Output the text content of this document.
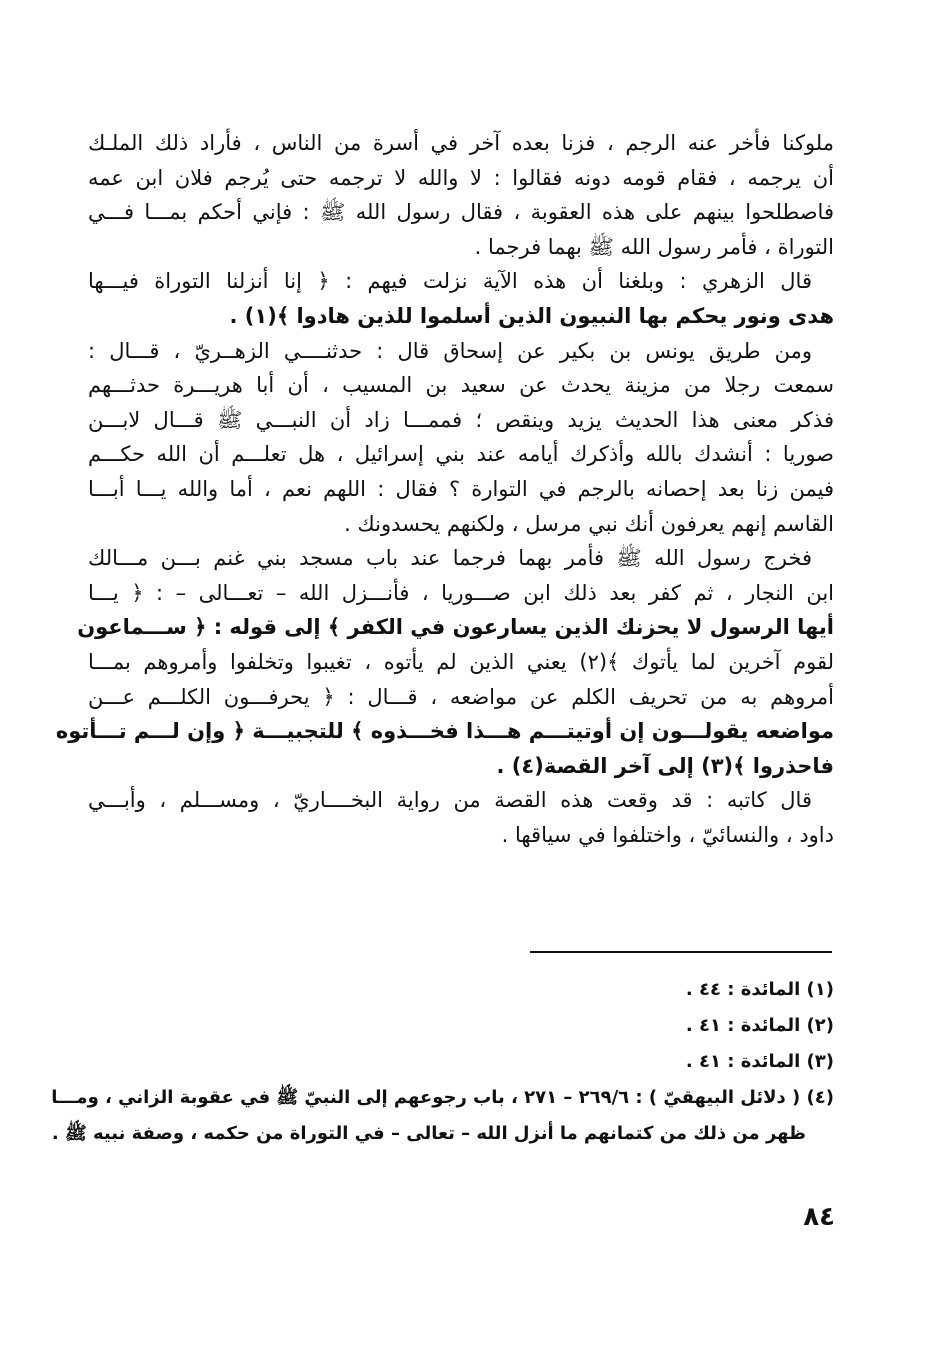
ملوكنا فأخر عنه الرجم ، فزنا بعده آخر في أسرة من الناس ، فأراد ذلك الملـك
أن يرجمه ، فقام قومه دونه فقالوا : لا والله لا ترجمه حتى يُرجم فلان ابن عمه
فاصطلحوا بينهم على هذه العقوبة ، فقال رسول الله ﷺ : فإني أحكم بمـــا فـــي
التوراة ، فأمر رسول الله ﷺ بهما فرجما .
قال الزهري : وبلغنا أن هذه الآية نزلت فيهم : ﴿ إنا أنزلنا التوراة فيـــها
هدى ونور يحكم بها النبيون الذين أسلموا للذين هادوا ﴾(١) .
ومن طريق يونس بن بكير عن إسحاق قال : حدثنــــي الزهــريّ ، قـــال :
سمعت رجلا من مزينة يحدث عن سعيد بن المسيب ، أن أبا هريـــرة حدثـــهم
فذكر معنى هذا الحديث يزيد وينقص ؛ فممـــا زاد أن النبـــي ﷺ قـــال لابـــن
صوريا : أنشدك بالله وأذكرك أيامه عند بني إسرائيل ، هل تعلـــم أن الله حكـــم
فيمن زنا بعد إحصانه بالرجم في التوارة ؟ فقال : اللهم نعم ، أما والله يـــا أبـــا
القاسم إنهم يعرفون أنك نبي مرسل ، ولكنهم يحسدونك .
فخرج رسول الله ﷺ فأمر بهما فرجما عند باب مسجد بني غنم بـــن مـــالك
ابن النجار ، ثم كفر بعد ذلك ابن صـــوريا ، فأنـــزل الله – تعـــالى – : ﴿ يـــا
أيها الرسول لا يحزنك الذين يسارعون في الكفر ﴾ إلى قوله : ﴿ ســـماعون
لقوم آخرين لما يأتوك ﴾(٢) يعني الذين لم يأتوه ، تغيبوا وتخلفوا وأمروهم بمـــا
أمروهم به من تحريف الكلم عن مواضعه ، قـــال : ﴿ يحرفـــون الكلـــم عـــن
مواضعه يقولـــون إن أوتيتـــم هـــذا فخـــذوه ﴾ للتجبيـــة ﴿ وإن لـــم تـــأتوه
فاحذروا ﴾(٣) إلى آخر القصة(٤) .
قال كاتبه : قد وقعت هذه القصة من رواية البخــــاريّ ، ومســـلم ، وأبـــي
داود ، والنسائيّ ، واختلفوا في سياقها .
(١) المائدة : ٤٤ .
(٢) المائدة : ٤١ .
(٣) المائدة : ٤١ .
(٤) ( دلائل البيهقيّ ) : ٢٦٩/٦ – ٢٧١ ، باب رجوعهم إلى النبيّ ﷺ في عقوبة الزاني ، ومـــا
ظهر من ذلك من كتمانهم ما أنزل الله – تعالى – في التوراة من حكمه ، وصفة نبيه ﷺ .
٨٤
